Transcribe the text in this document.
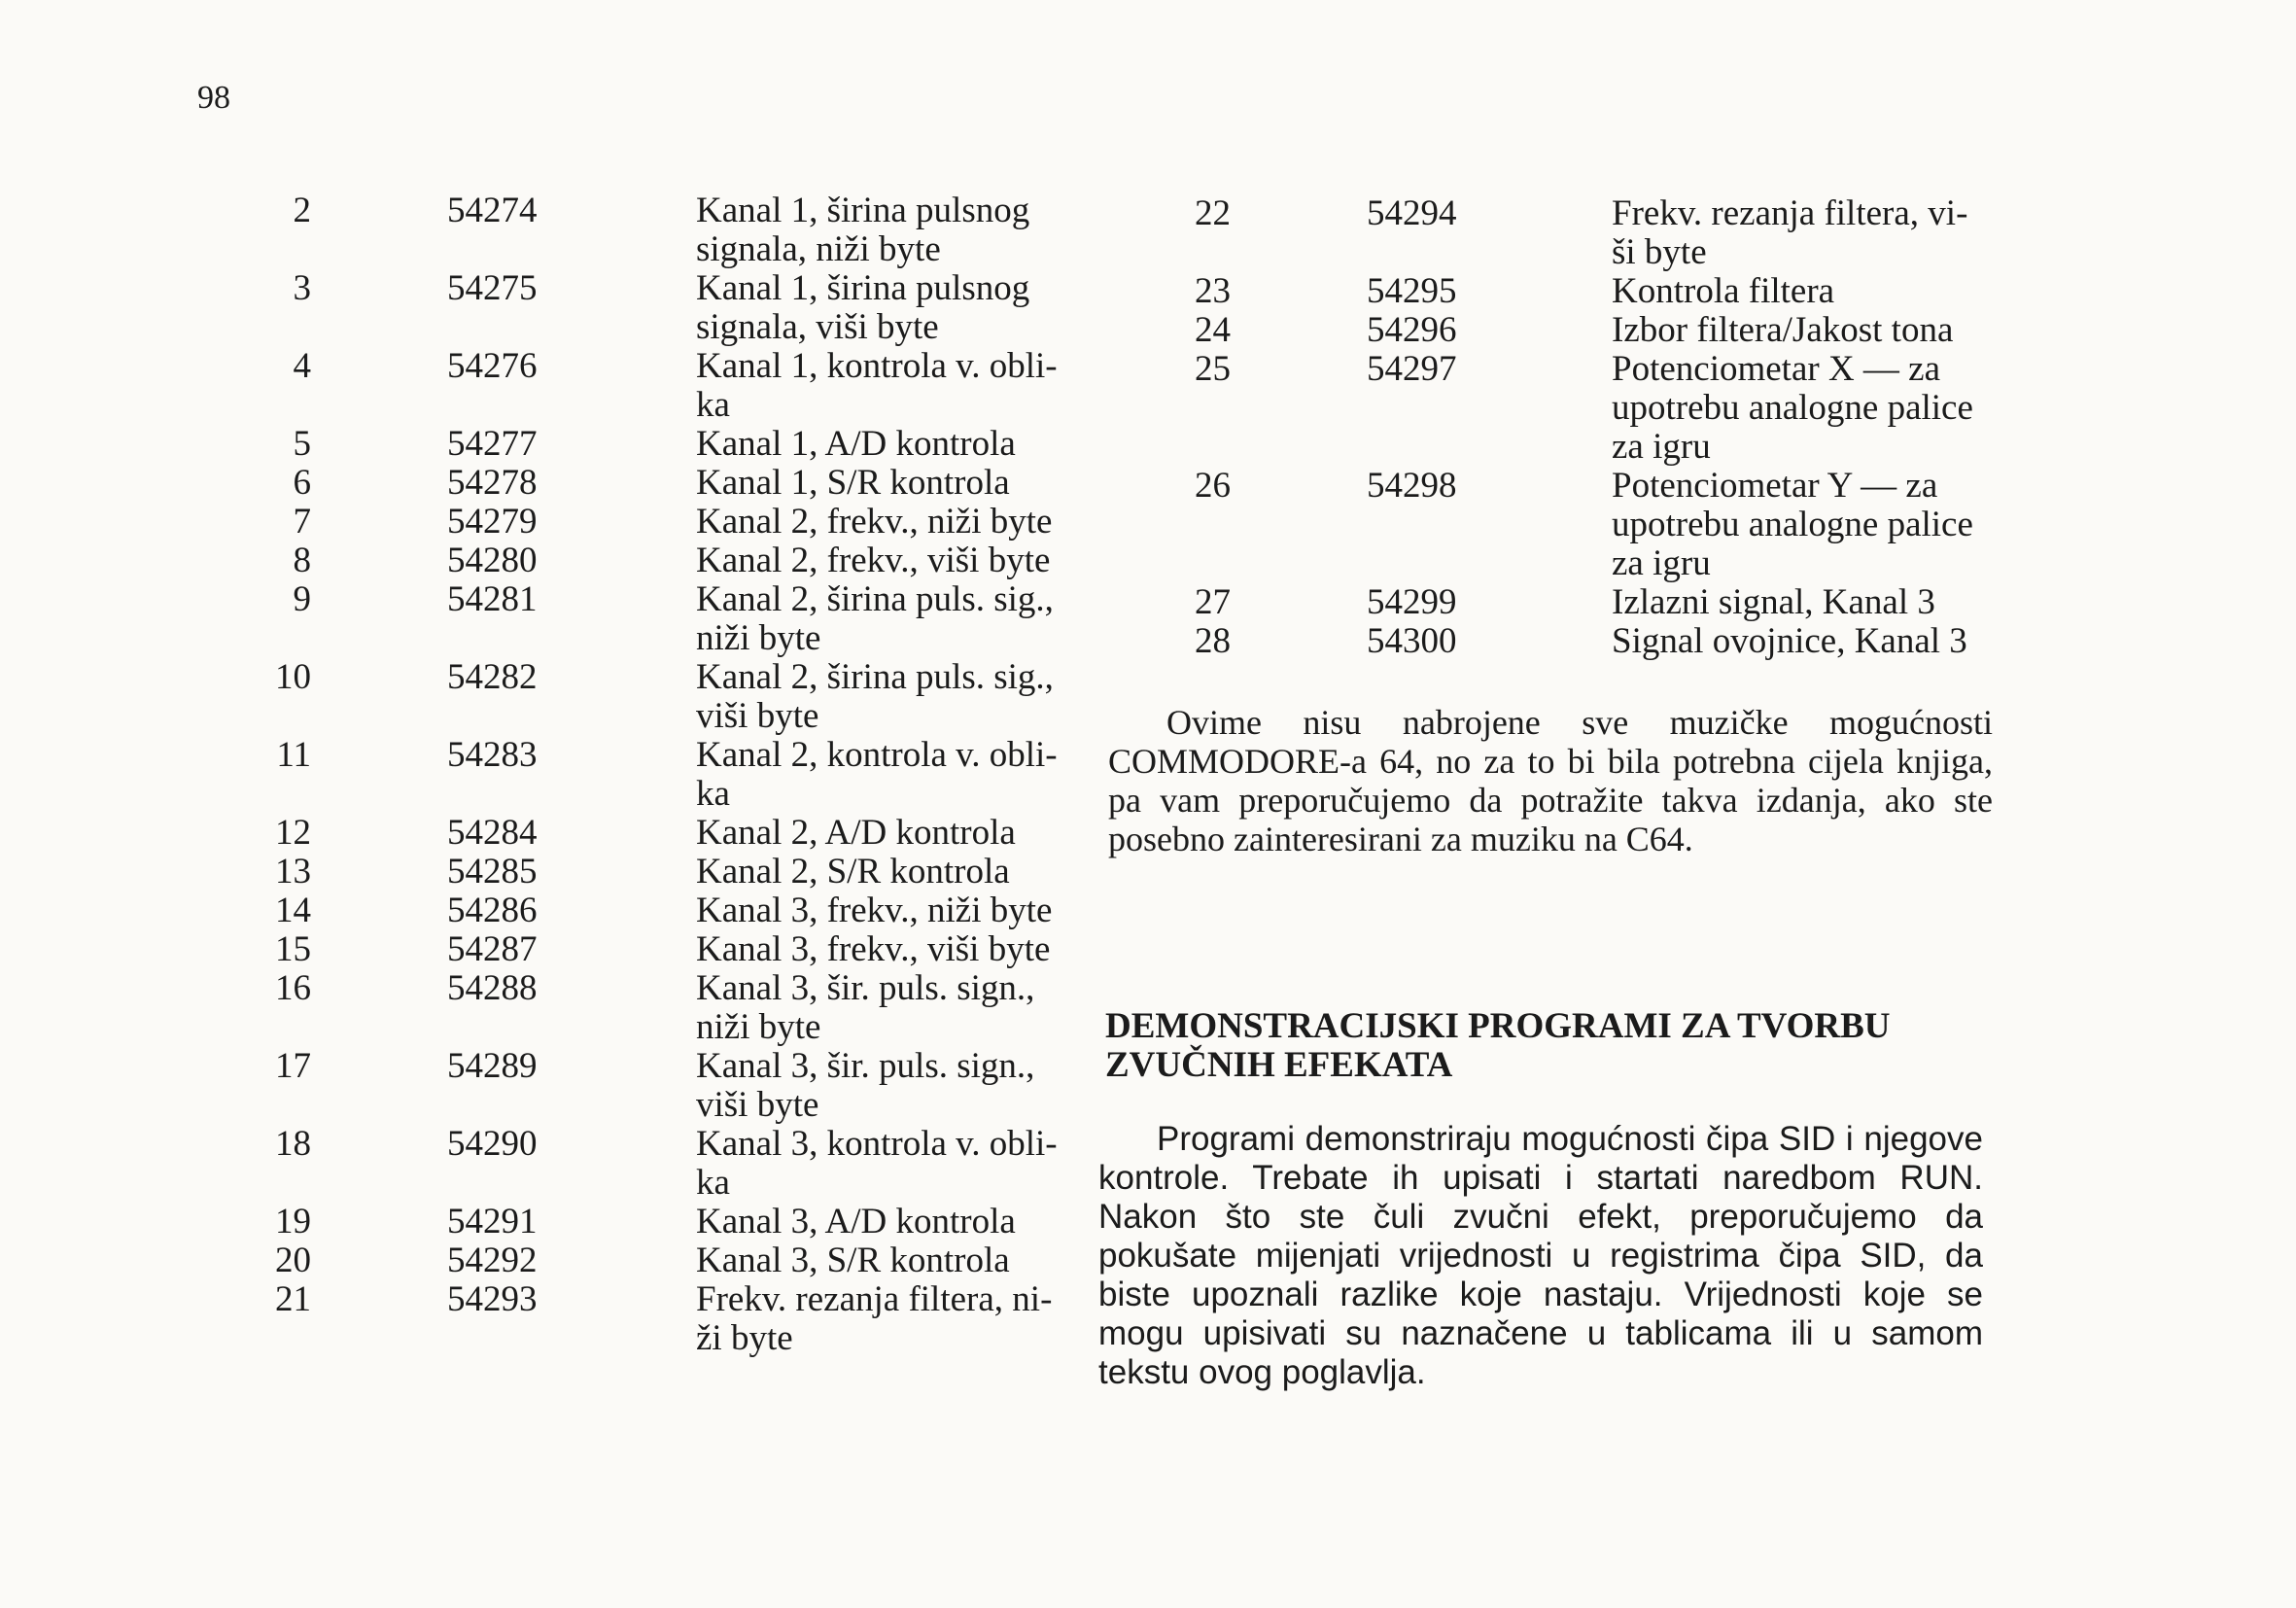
98
2	54274	Kanal 1, širina pulsnog
signala, niži byte

3	54275	Kanal 1, širina pulsnog
signala, viši byte

4	54276	Kanal 1, kontrola v. obli-
ka

5	54277	Kanal 1, A/D kontrola

6	54278	Kanal 1, S/R kontrola

7	54279	Kanal 2, frekv., niži byte

8	54280	Kanal 2, frekv., viši byte

9	54281	Kanal 2, širina puls. sig.,
niži byte

10	54282	Kanal 2, širina puls. sig.,
viši byte

11	54283	Kanal 2, kontrola v. obli-
ka

12	54284	Kanal 2, A/D kontrola

13	54285	Kanal 2, S/R kontrola

14	54286	Kanal 3, frekv., niži byte

15	54287	Kanal 3, frekv., viši byte

16	54288	Kanal 3, šir. puls. sign.,
niži byte

17	54289	Kanal 3, šir. puls. sign.,
viši byte

18	54290	Kanal 3, kontrola v. obli-
ka

19	54291	Kanal 3, A/D kontrola

20	54292	Kanal 3, S/R kontrola

21	54293	Frekv. rezanja filtera, ni-
ži byte
22	54294	Frekv. rezanja filtera, vi-
ši byte

23	54295	Kontrola filtera

24	54296	Izbor filtera/Jakost tona

25	54297	Potenciometar X — za
upotrebu analogne palice
za igru

26	54298	Potenciometar Y — za
upotrebu analogne palice
za igru

27	54299	Izlazni signal, Kanal 3

28	54300	Signal ovojnice, Kanal 3

Ovime nisu nabrojene sve muzičke mogućnosti COMMODORE-a 64, no za to bi bila potrebna cijela knjiga, pa vam preporučujemo da potražite takva izdanja, ako ste posebno zainteresirani za muziku na C64.

DEMONSTRACIJSKI PROGRAMI ZA TVORBU ZVUČNIH EFEKATA

Programi demonstriraju mogućnosti čipa SID i njegove kontrole. Trebate ih upisati i startati naredbom RUN. Nakon što ste čuli zvučni efekt, preporučujemo da pokušate mijenjati vrijednosti u registrima čipa SID, da biste upoznali razlike koje nastaju. Vrijednosti koje se mogu upisivati su naznačene u tablicama ili u samom tekstu ovog poglavlja.
